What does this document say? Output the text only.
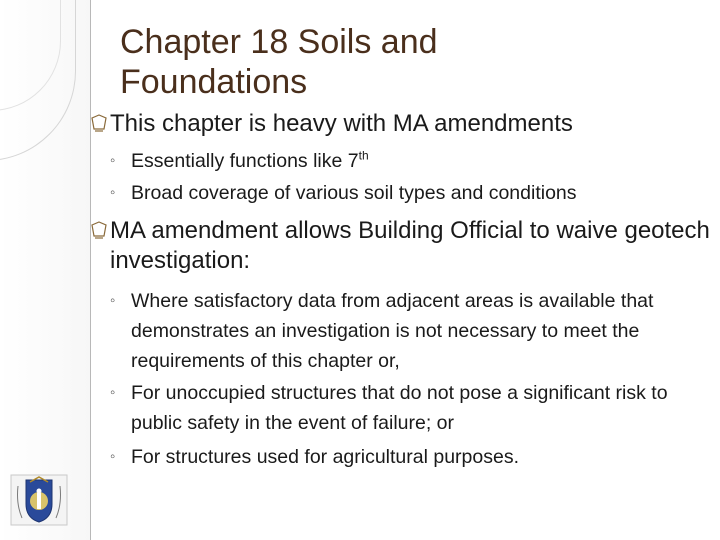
Chapter 18 Soils and Foundations
This chapter is heavy with MA amendments
◦ Essentially functions like 7th
◦ Broad coverage of various soil types and conditions
MA amendment allows Building Official to waive geotech investigation:
◦ Where satisfactory data from adjacent areas is available that demonstrates an investigation is not necessary to meet the requirements of this chapter or,
◦ For unoccupied structures that do not pose a significant risk to public safety in the event of failure; or
◦ For structures used for agricultural purposes.
